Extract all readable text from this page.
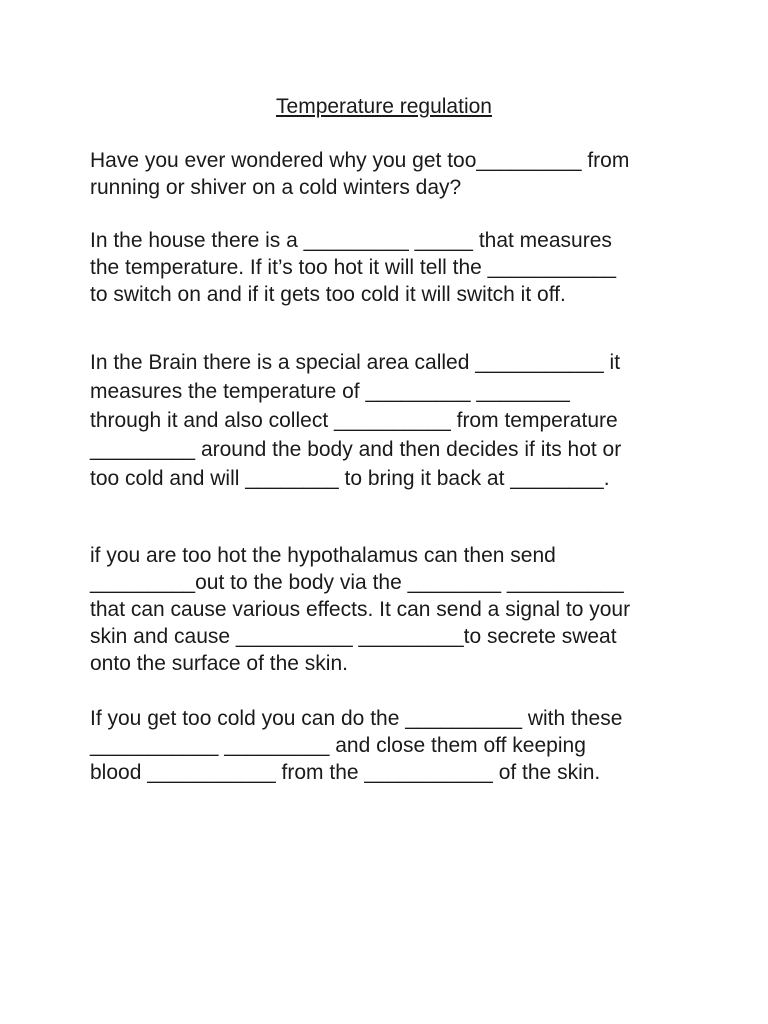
Temperature regulation
Have you ever wondered why you get too_________ from
running or shiver on a cold winters day?
In the house there is a _________ _____ that measures
the temperature. If it’s too hot it will tell the ___________
to switch on and if it gets too cold it will switch it off.
In the Brain there is a special area called ___________ it
measures the temperature of _________ ________
through it and also collect __________ from temperature
_________ around the body and then decides if its hot or
too cold and will ________ to bring it back at ________.
if you are too hot the hypothalamus can then send
_________out to the body via the ________ __________
that can cause various effects. It can send a signal to your
skin and cause __________ _________to secrete sweat
onto the surface of the skin.
If you get too cold you can do the __________ with these
___________ _________ and close them off keeping
blood ___________ from the ___________ of the skin.
